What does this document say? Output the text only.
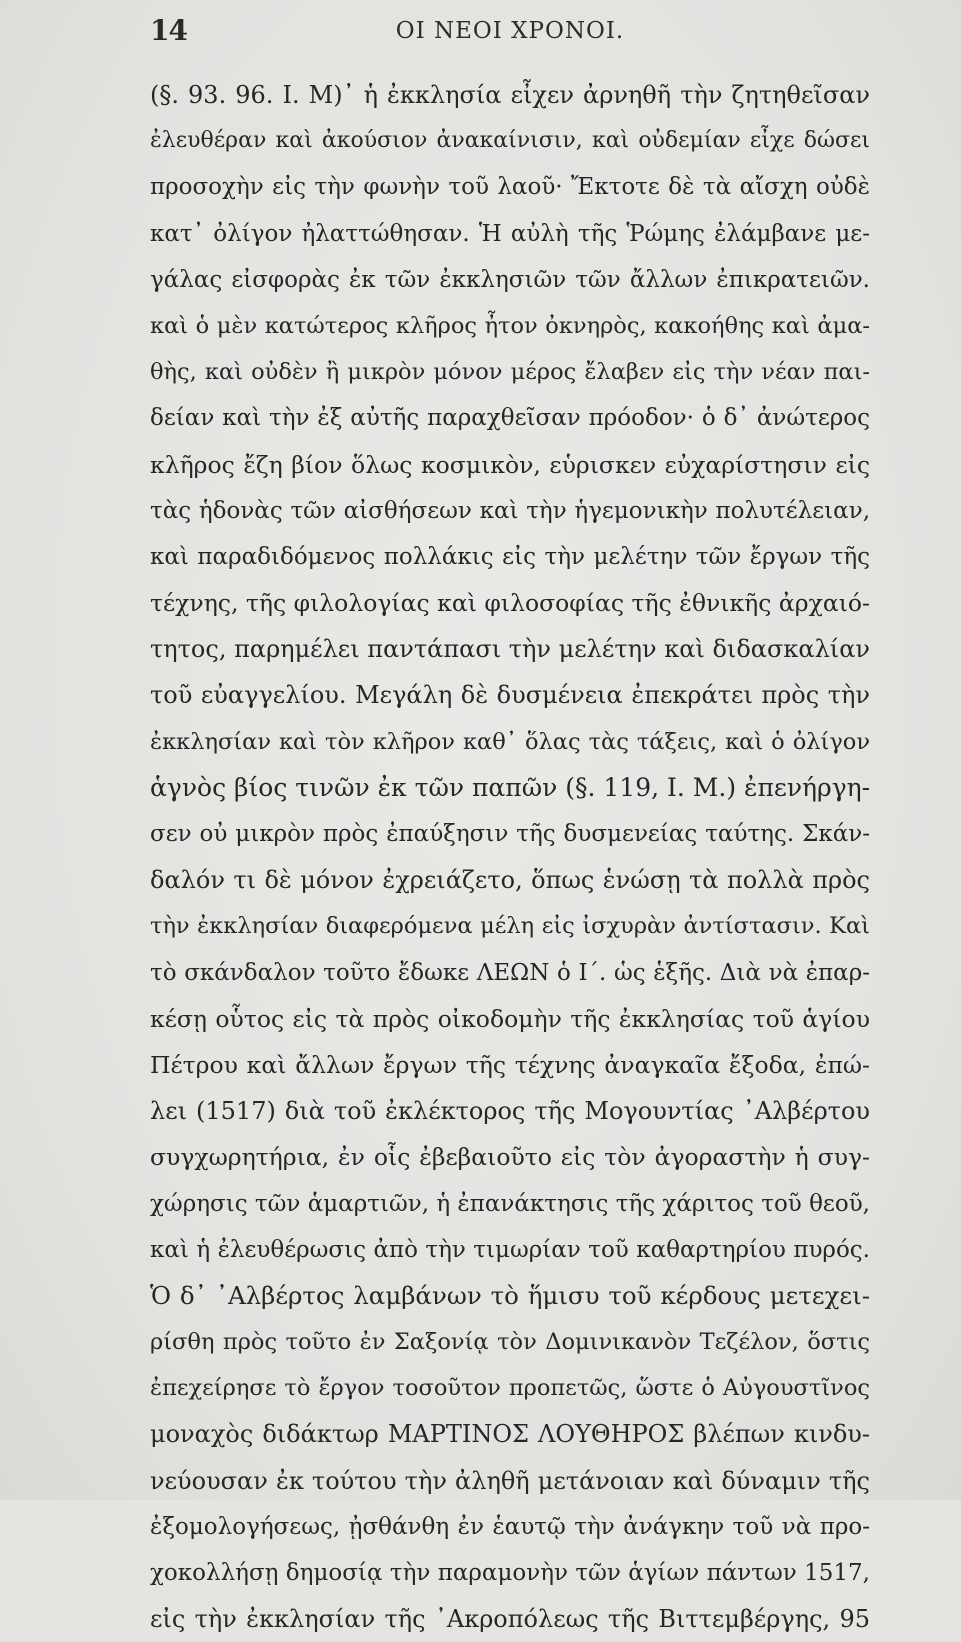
14	ΟΙ ΝΕΟΙ ΧΡΟΝΟΙ.
(§. 93. 96. Ι. Μ)᾿ ἡ ἐκκλησία εἶχεν ἀρνηθῆ τὴν ζητηθεῖσαν
ἐλευθέραν καὶ ἀκούσιον ἀνακαίνισιν, καὶ οὐδεμίαν εἶχε δώσει
προσοχὴν εἰς τὴν φωνὴν τοῦ λαοῦ· Ἔκτοτε δὲ τὰ αἴσχη οὐδὲ
κατ᾿ ὀλίγον ἠλαττώθησαν. Ἡ αὐλὴ τῆς Ῥώμης ἐλάμβανε με-
γάλας εἰσφορὰς ἐκ τῶν ἐκκλησιῶν τῶν ἄλλων ἐπικρατειῶν.
καὶ ὁ μὲν κατώτερος κλῆρος ἦτον ὀκνηρὸς, κακοήθης καὶ ἀμα-
θὴς, καὶ οὐδὲν ἢ μικρὸν μόνον μέρος ἔλαβεν εἰς τὴν νέαν παι-
δείαν καὶ τὴν ἐξ αὐτῆς παραχθεῖσαν πρόοδον· ὁ δ᾿ ἀνώτερος
κλῆρος ἔζη βίον ὅλως κοσμικὸν, εὑρισκεν εὐχαρίστησιν εἰς
τὰς ἡδονὰς τῶν αἰσθήσεων καὶ τὴν ἡγεμονικὴν πολυτέλειαν,
καὶ παραδιδόμενος πολλάκις εἰς τὴν μελέτην τῶν ἔργων τῆς
τέχνης, τῆς φιλολογίας καὶ φιλοσοφίας τῆς ἐθνικῆς ἀρχαιό-
τητος, παρημέλει παντάπασι τὴν μελέτην καὶ διδασκαλίαν
τοῦ εὐαγγελίου. Μεγάλη δὲ δυσμένεια ἐπεκράτει πρὸς τὴν
ἐκκλησίαν καὶ τὸν κλῆρον καθ᾿ ὅλας τὰς τάξεις, καὶ ὁ ὀλίγον
ἁγνὸς βίος τινῶν ἐκ τῶν παπῶν (§. 119, Ι. Μ.) ἐπενήργη-
σεν οὐ μικρὸν πρὸς ἐπαύξησιν τῆς δυσμενείας ταύτης. Σκάν-
δαλόν τι δὲ μόνον ἐχρειάζετο, ὅπως ἑνώσῃ τὰ πολλὰ πρὸς
τὴν ἐκκλησίαν διαφερόμενα μέλη εἰς ἰσχυρὰν ἀντίστασιν. Καὶ
τὸ σκάνδαλον τοῦτο ἔδωκε ΛΕΩΝ ὁ Ι΄. ὡς ἑξῆς. Διὰ νὰ ἐπαρ-
κέσῃ οὗτος εἰς τὰ πρὸς οἰκοδομὴν τῆς ἐκκλησίας τοῦ ἁγίου
Πέτρου καὶ ἄλλων ἔργων τῆς τέχνης ἀναγκαῖα ἔξοδα, ἐπώ-
λει (1517) διὰ τοῦ ἐκλέκτορος τῆς Μογουντίας ᾿Αλβέρτου
συγχωρητήρια, ἐν οἷς ἐβεβαιοῦτο εἰς τὸν ἀγοραστὴν ἡ συγ-
χώρησις τῶν ἁμαρτιῶν, ἡ ἐπανάκτησις τῆς χάριτος τοῦ θεοῦ,
καὶ ἡ ἐλευθέρωσις ἀπὸ τὴν τιμωρίαν τοῦ καθαρτηρίου πυρός.
Ὁ δ᾿ ᾿Αλβέρτος λαμβάνων τὸ ἥμισυ τοῦ κέρδους μετεχει-
ρίσθη πρὸς τοῦτο ἐν Σαξονίᾳ τὸν Δομινικανὸν Τεζέλον, ὅστις
ἐπεχείρησε τὸ ἔργον τοσοῦτον προπετῶς, ὥστε ὁ Αὐγουστῖνος
μοναχὸς διδάκτωρ ΜΑΡΤΙΝΟΣ ΛΟΥΘΗΡΟΣ βλέπων κινδυ-
νεύουσαν ἐκ τούτου τὴν ἀληθῆ μετάνοιαν καὶ δύναμιν τῆς
ἐξομολογήσεως, ᾐσθάνθη ἐν ἑαυτῷ τὴν ἀνάγκην τοῦ νὰ προ-
χοκολλήσῃ δημοσίᾳ τὴν παραμονὴν τῶν ἁγίων πάντων 1517,
εἰς τὴν ἐκκλησίαν τῆς ᾿Ακροπόλεως τῆς Βιττεμβέργης, 95
